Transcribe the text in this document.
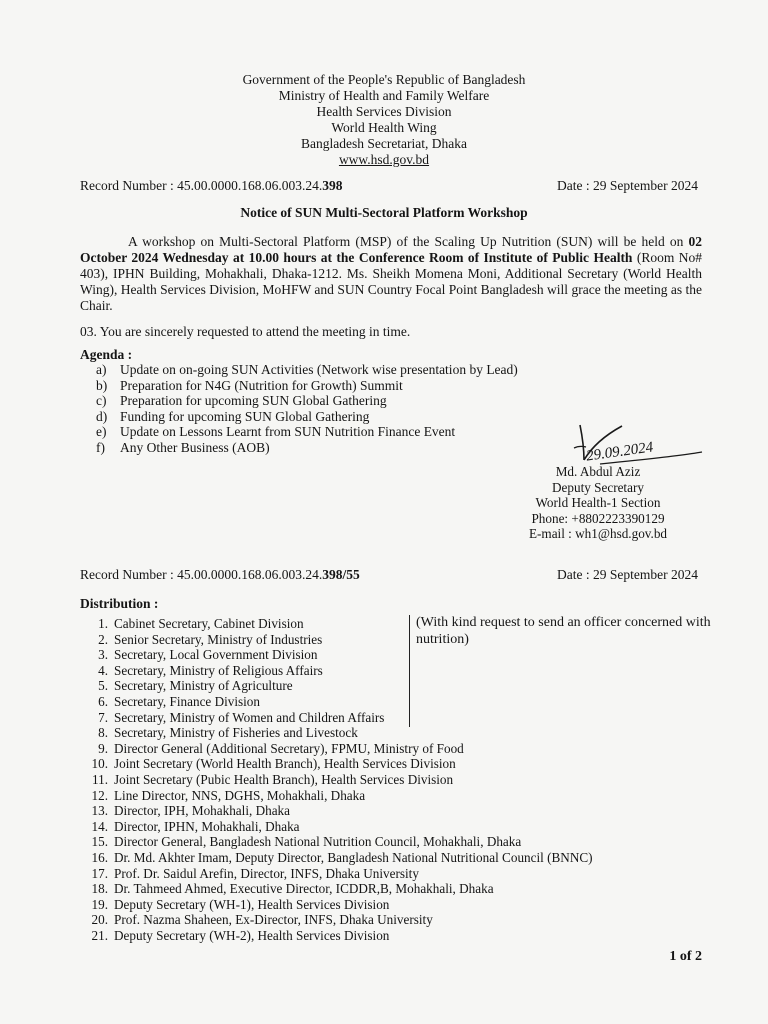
Government of the People's Republic of Bangladesh
Ministry of Health and Family Welfare
Health Services Division
World Health Wing
Bangladesh Secretariat, Dhaka
www.hsd.gov.bd
Record Number : 45.00.0000.168.06.003.24.398	Date : 29 September 2024
Notice of SUN Multi-Sectoral Platform Workshop
A workshop on Multi-Sectoral Platform (MSP) of the Scaling Up Nutrition (SUN) will be held on 02 October 2024 Wednesday at 10.00 hours at the Conference Room of Institute of Public Health (Room No# 403), IPHN Building, Mohakhali, Dhaka-1212. Ms. Sheikh Momena Moni, Additional Secretary (World Health Wing), Health Services Division, MoHFW and SUN Country Focal Point Bangladesh will grace the meeting as the Chair.
03. You are sincerely requested to attend the meeting in time.
Agenda :
a) Update on on-going SUN Activities (Network wise presentation by Lead)
b) Preparation for N4G (Nutrition for Growth) Summit
c) Preparation for upcoming SUN Global Gathering
d) Funding for upcoming SUN Global Gathering
e) Update on Lessons Learnt from SUN Nutrition Finance Event
f) Any Other Business (AOB)	29.09.2024
Md. Abdul Aziz
Deputy Secretary
World Health-1 Section
Phone: +8802223390129
E-mail : wh1@hsd.gov.bd
Record Number : 45.00.0000.168.06.003.24.398/55	Date : 29 September 2024
Distribution :
(With kind request to send an officer concerned with nutrition)
1. Cabinet Secretary, Cabinet Division
2. Senior Secretary, Ministry of Industries
3. Secretary, Local Government Division
4. Secretary, Ministry of Religious Affairs
5. Secretary, Ministry of Agriculture
6. Secretary, Finance Division
7. Secretary, Ministry of Women and Children Affairs
8. Secretary, Ministry of Fisheries and Livestock
9. Director General (Additional Secretary), FPMU, Ministry of Food
10. Joint Secretary (World Health Branch), Health Services Division
11. Joint Secretary (Pubic Health Branch), Health Services Division
12. Line Director, NNS, DGHS, Mohakhali, Dhaka
13. Director, IPH, Mohakhali, Dhaka
14. Director, IPHN, Mohakhali, Dhaka
15. Director General, Bangladesh National Nutrition Council, Mohakhali, Dhaka
16. Dr. Md. Akhter Imam, Deputy Director, Bangladesh National Nutritional Council (BNNC)
17. Prof. Dr. Saidul Arefin, Director, INFS, Dhaka University
18. Dr. Tahmeed Ahmed, Executive Director, ICDDR,B, Mohakhali, Dhaka
19. Deputy Secretary (WH-1), Health Services Division
20. Prof. Nazma Shaheen, Ex-Director, INFS, Dhaka University
21. Deputy Secretary (WH-2), Health Services Division
1 of 2
